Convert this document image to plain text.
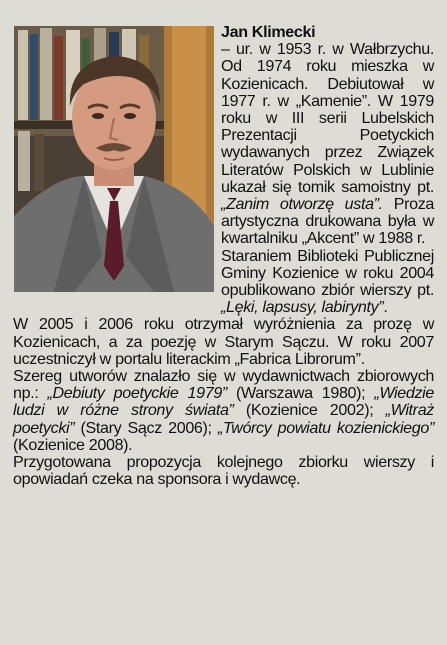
Jan Klimecki

– ur. w 1953 r. w Wałbrzychu. Od 1974 roku mieszka w Kozienicach. Debiutował w 1977 r. w „Kamenie”. W 1979 roku w III serii Lubelskich Prezentacji Poetyckich wydawanych przez Związek Literatów Polskich w Lublinie ukazał się tomik samoistny pt. „Zanim otworzę usta”. Proza artystyczna drukowana była w kwartalniku „Akcent” w 1988 r.

Staraniem Biblioteki Publicznej Gminy Kozienice w roku 2004 opublikowano zbiór wierszy pt. „Lęki, lapsusy, labirynty”.

W 2005 i 2006 roku otrzymał wyróżnienia za prozę w Kozienicach, a za poezję w Starym Sączu. W roku 2007 uczestniczył w portalu literackim „Fabrica Librorum”.

Szereg utworów znalazło się w wydawnictwach zbiorowych np.: „Debiuty poetyckie 1979” (Warszawa 1980); „Wiedzie ludzi w różne strony świata” (Kozienice 2002); „Witraż poetycki” (Stary Sącz 2006); „Twórcy powiatu kozienickiego” (Kozienice 2008).

Przygotowana propozycja kolejnego zbiorku wierszy i opowiadań czeka na sponsora i wydawcę.
